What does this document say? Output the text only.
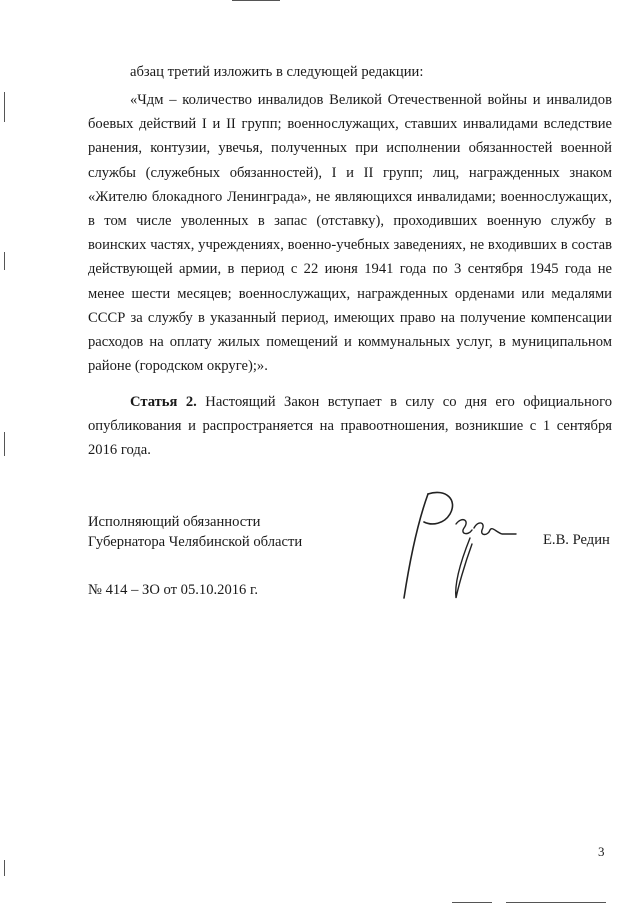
абзац третий изложить в следующей редакции:

«Чдм – количество инвалидов Великой Отечественной войны и инвалидов боевых действий I и II групп; военнослужащих, ставших инвалидами вследствие ранения, контузии, увечья, полученных при исполнении обязанностей военной службы (служебных обязанностей), I и II групп; лиц, награжденных знаком «Жителю блокадного Ленинграда», не являющихся инвалидами; военнослужащих, в том числе уволенных в запас (отставку), проходивших военную службу в воинских частях, учреждениях, военно-учебных заведениях, не входивших в состав действующей армии, в период с 22 июня 1941 года по 3 сентября 1945 года не менее шести месяцев; военнослужащих, награжденных орденами или медалями СССР за службу в указанный период, имеющих право на получение компенсации расходов на оплату жилых помещений и коммунальных услуг, в муниципальном районе (городском округе);».

Статья 2. Настоящий Закон вступает в силу со дня его официального опубликования и распространяется на правоотношения, возникшие с 1 сентября 2016 года.

Исполняющий обязанности
Губернатора Челябинской области	Е.В. Редин
№ 414 – ЗО от 05.10.2016 г.
3
